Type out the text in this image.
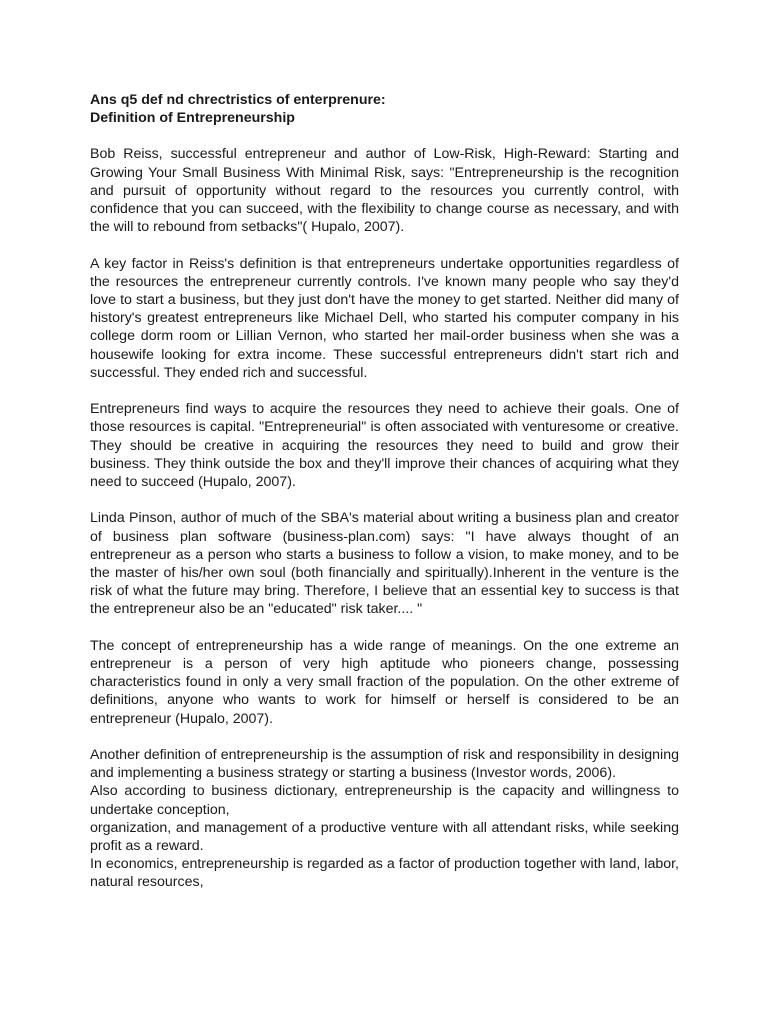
Ans q5 def nd chrectristics of enterprenure:

Definition of Entrepreneurship

Bob Reiss, successful entrepreneur and author of Low-Risk, High-Reward: Starting and Growing Your Small Business With Minimal Risk, says: "Entrepreneurship is the recognition and pursuit of opportunity without regard to the resources you currently control, with confidence that you can succeed, with the flexibility to change course as necessary, and with the will to rebound from setbacks"( Hupalo, 2007).

A key factor in Reiss's definition is that entrepreneurs undertake opportunities regardless of the resources the entrepreneur currently controls. I've known many people who say they'd love to start a business, but they just don't have the money to get started. Neither did many of history's greatest entrepreneurs like Michael Dell, who started his computer company in his college dorm room or Lillian Vernon, who started her mail-order business when she was a housewife looking for extra income. These successful entrepreneurs didn't start rich and successful. They ended rich and successful.

Entrepreneurs find ways to acquire the resources they need to achieve their goals. One of those resources is capital. "Entrepreneurial" is often associated with venturesome or creative. They should be creative in acquiring the resources they need to build and grow their business. They think outside the box and they'll improve their chances of acquiring what they need to succeed (Hupalo, 2007).

Linda Pinson, author of much of the SBA's material about writing a business plan and creator of business plan software (business-plan.com) says: "I have always thought of an entrepreneur as a person who starts a business to follow a vision, to make money, and to be the master of his/her own soul (both financially and spiritually).Inherent in the venture is the risk of what the future may bring. Therefore, I believe that an essential key to success is that the entrepreneur also be an "educated" risk taker.... "

The concept of entrepreneurship has a wide range of meanings. On the one extreme an entrepreneur is a person of very high aptitude who pioneers change, possessing characteristics found in only a very small fraction of the population. On the other extreme of definitions, anyone who wants to work for himself or herself is considered to be an entrepreneur (Hupalo, 2007).

Another definition of entrepreneurship is the assumption of risk and responsibility in designing and implementing a business strategy or starting a business (Investor words, 2006).

Also according to business dictionary, entrepreneurship is the capacity and willingness to undertake conception,

organization, and management of a productive venture with all attendant risks, while seeking profit as a reward.

In economics, entrepreneurship is regarded as a factor of production together with land, labor, natural resources,
